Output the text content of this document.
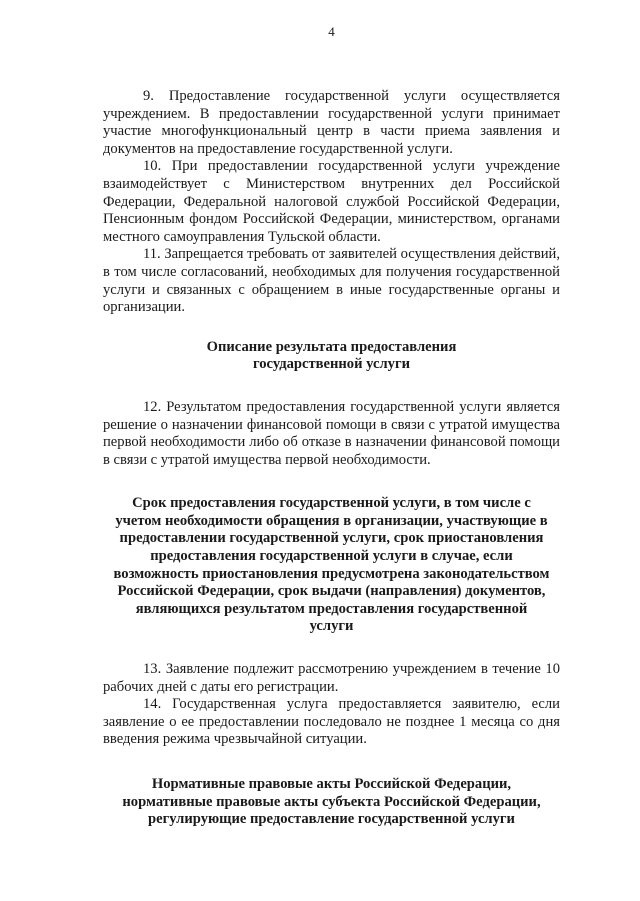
4

9. Предоставление государственной услуги осуществляется учреждением. В предоставлении государственной услуги принимает участие многофункциональный центр в части приема заявления и документов на предоставление государственной услуги.

10. При предоставлении государственной услуги учреждение взаимодействует с Министерством внутренних дел Российской Федерации, Федеральной налоговой службой Российской Федерации, Пенсионным фондом Российской Федерации, министерством, органами местного самоуправления Тульской области.

11. Запрещается требовать от заявителей осуществления действий, в том числе согласований, необходимых для получения государственной услуги и связанных с обращением в иные государственные органы и организации.

Описание результата предоставления
государственной услуги

12. Результатом предоставления государственной услуги является решение о назначении финансовой помощи в связи с утратой имущества первой необходимости либо об отказе в назначении финансовой помощи в связи с утратой имущества первой необходимости.

Срок предоставления государственной услуги, в том числе с
учетом необходимости обращения в организации, участвующие в
предоставлении государственной услуги, срок приостановления
предоставления государственной услуги в случае, если
возможность приостановления предусмотрена законодательством
Российской Федерации, срок выдачи (направления) документов,
являющихся результатом предоставления государственной
услуги

13. Заявление подлежит рассмотрению учреждением в течение 10 рабочих дней с даты его регистрации.

14. Государственная услуга предоставляется заявителю, если заявление о ее предоставлении последовало не позднее 1 месяца со дня введения режима чрезвычайной ситуации.

Нормативные правовые акты Российской Федерации,
нормативные правовые акты субъекта Российской Федерации,
регулирующие предоставление государственной услуги
